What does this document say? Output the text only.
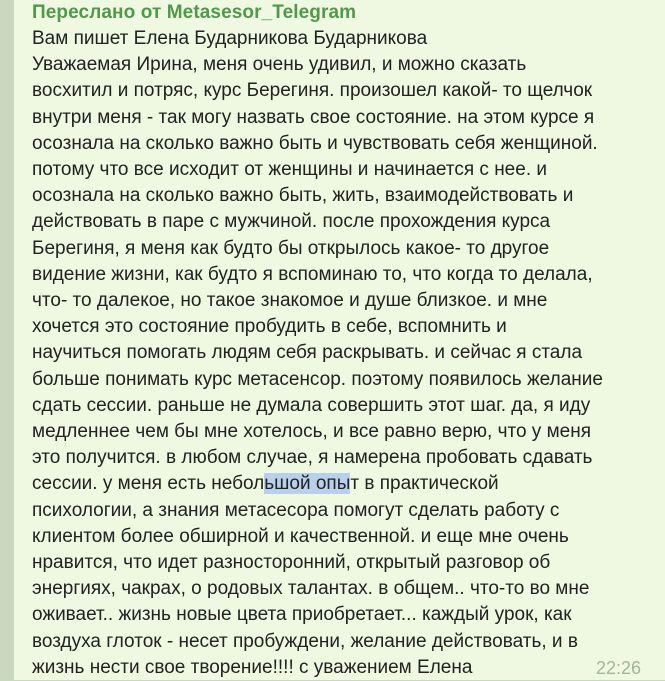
Переслано от Metasesor_Telegram
Вам пишет Елена Бударникова Бударникова
Уважаемая Ирина, меня очень удивил, и можно сказать
восхитил и потряс, курс Берегиня. произошел какой- то щелчок
внутри меня - так могу назвать свое состояние. на этом курсе я
осознала на сколько важно быть и чувствовать себя женщиной.
потому что все исходит от женщины и начинается с нее. и
осознала на сколько важно быть, жить, взаимодействовать и
действовать в паре с мужчиной. после прохождения курса
Берегиня, я меня как будто бы открылось какое- то другое
видение жизни, как будто я вспоминаю то, что когда то делала,
что- то далекое, но такое знакомое и душе близкое. и мне
хочется это состояние пробудить в себе, вспомнить и
научиться помогать людям себя раскрывать. и сейчас я стала
больше понимать курс метасенсор. поэтому появилось желание
сдать сессии. раньше не думала совершить этот шаг. да, я иду
медленнее чем бы мне хотелось, и все равно верю, что у меня
это получится. в любом случае, я намерена пробовать сдавать
сессии. у меня есть небольшой опыт в практической
психологии, а знания метасесора помогут сделать работу с
клиентом более обширной и качественной. и еще мне очень
нравится, что идет разносторонний, открытый разговор об
энергиях, чакрах, о родовых талантах. в общем.. что-то во мне
оживает.. жизнь новые цвета приобретает... каждый урок, как
воздуха глоток - несет пробуждени, желание действовать, и в
жизнь нести свое творение!!!! с уважением Елена	22:26
